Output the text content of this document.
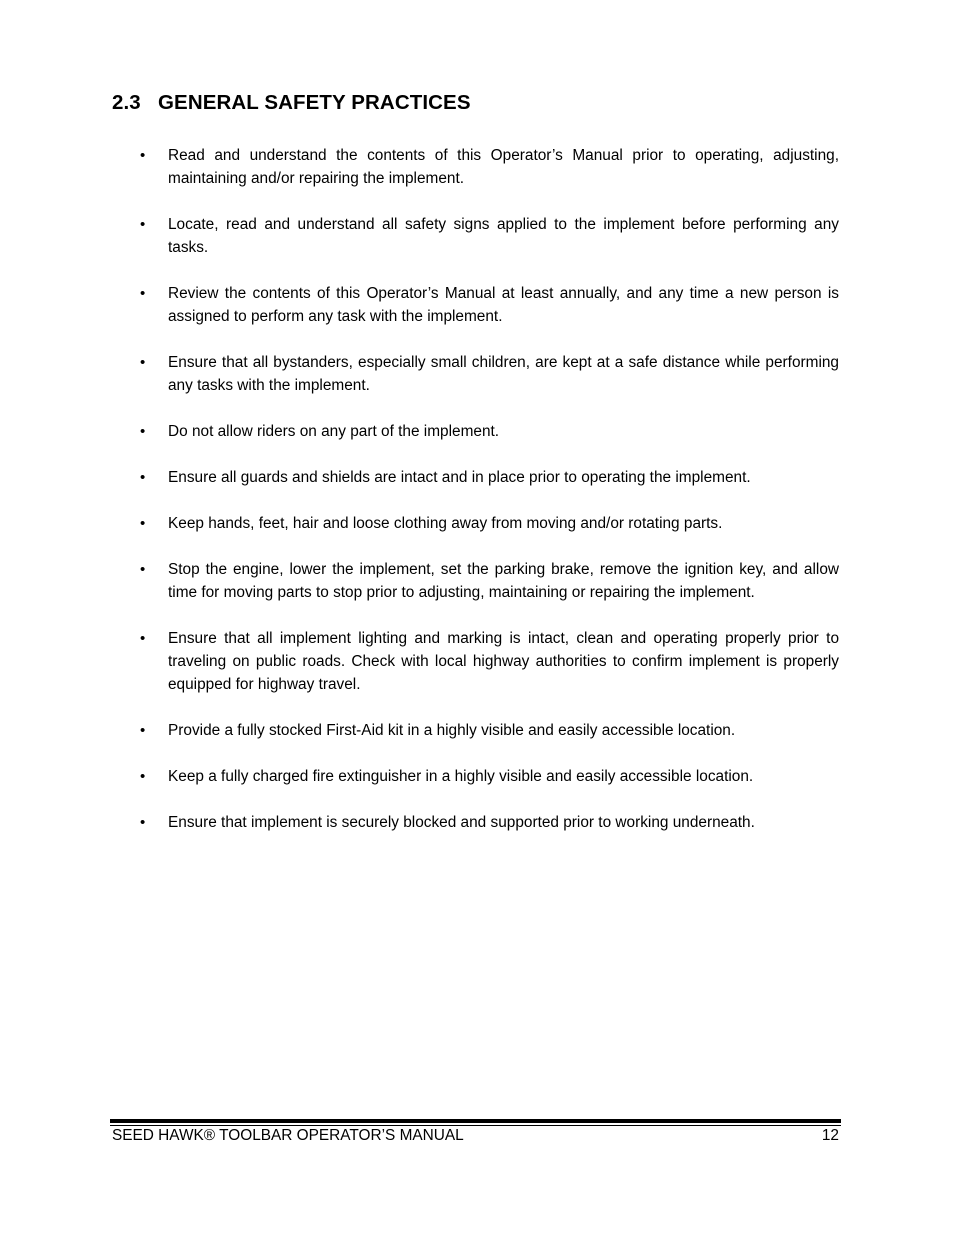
2.3 GENERAL SAFETY PRACTICES
•	Read and understand the contents of this Operator’s Manual prior to operating, adjusting, maintaining and/or repairing the implement.
•	Locate, read and understand all safety signs applied to the implement before performing any tasks.
•	Review the contents of this Operator’s Manual at least annually, and any time a new person is assigned to perform any task with the implement.
•	Ensure that all bystanders, especially small children, are kept at a safe distance while performing any tasks with the implement.
•	Do not allow riders on any part of the implement.
•	Ensure all guards and shields are intact and in place prior to operating the implement.
•	Keep hands, feet, hair and loose clothing away from moving and/or rotating parts.
•	Stop the engine, lower the implement, set the parking brake, remove the ignition key, and allow time for moving parts to stop prior to adjusting, maintaining or repairing the implement.
•	Ensure that all implement lighting and marking is intact, clean and operating properly prior to traveling on public roads. Check with local highway authorities to confirm implement is properly equipped for highway travel.
•	Provide a fully stocked First-Aid kit in a highly visible and easily accessible location.
•	Keep a fully charged fire extinguisher in a highly visible and easily accessible location.
•	Ensure that implement is securely blocked and supported prior to working underneath.
SEED HAWK® TOOLBAR OPERATOR’S MANUAL	12
